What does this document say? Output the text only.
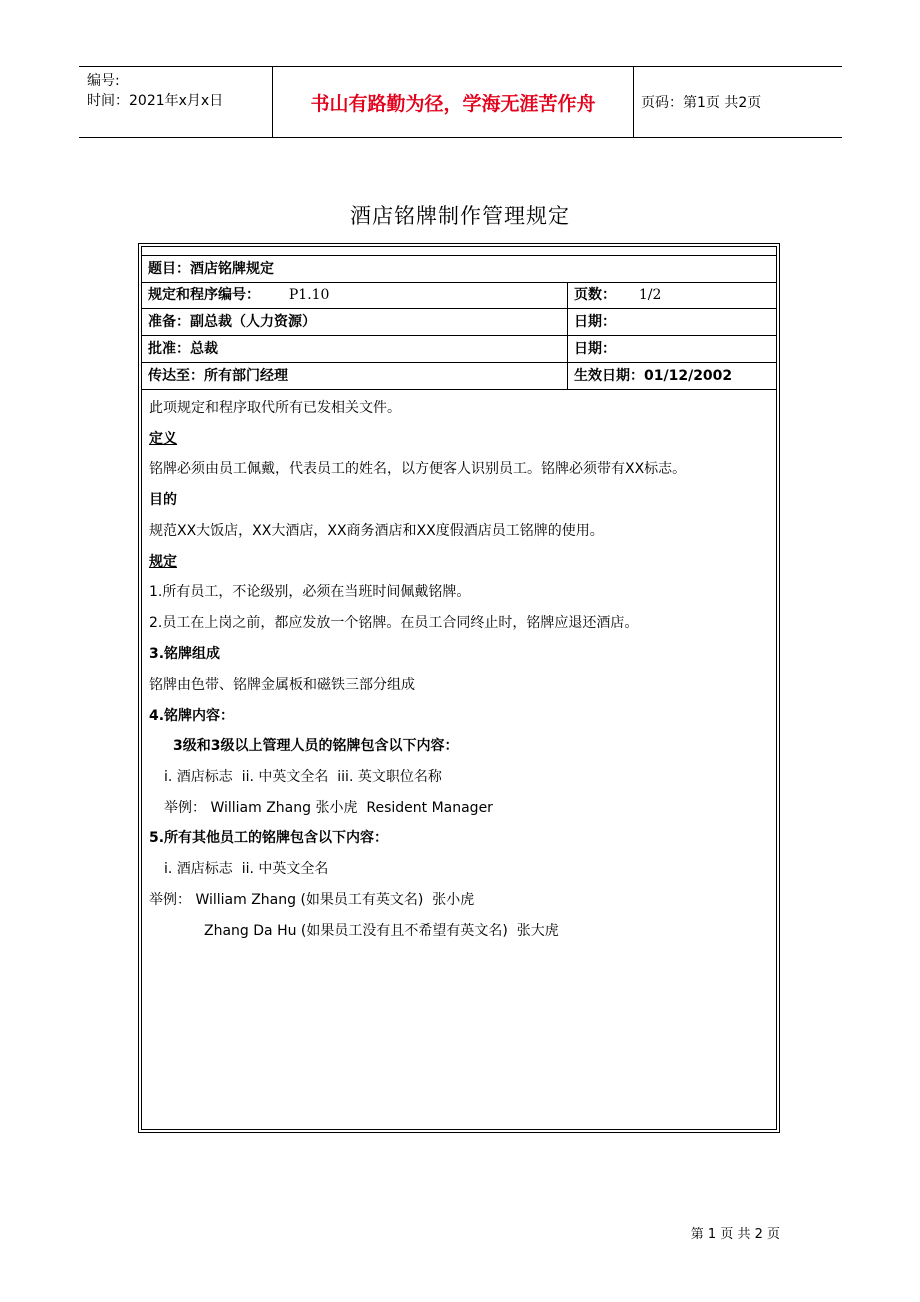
编号:
时间：2021年x月x日	书山有路勤为径，学海无涯苦作舟	页码：第1页 共2页
酒店铭牌制作管理规定
题目：酒店铭牌规定
规定和程序编号： P1.10	页数： 1/2
准备：副总裁（人力资源）	日期：
批准：总裁	日期：
传达至：所有部门经理	生效日期：01/12/2002
此项规定和程序取代所有已发相关文件。
定义
铭牌必须由员工佩戴，代表员工的姓名，以方便客人识别员工。铭牌必须带有XX标志。
目的
规范XX大饭店，XX大酒店，XX商务酒店和XX度假酒店员工铭牌的使用。
规定
1.所有员工，不论级别，必须在当班时间佩戴铭牌。
2.员工在上岗之前，都应发放一个铭牌。在员工合同终止时，铭牌应退还酒店。
3.铭牌组成
铭牌由色带、铭牌金属板和磁铁三部分组成
4.铭牌内容：
3级和3级以上管理人员的铭牌包含以下内容：
i. 酒店标志  ii. 中英文全名  iii. 英文职位名称
举例： William Zhang 张小虎  Resident Manager
5.所有其他员工的铭牌包含以下内容：
i. 酒店标志  ii. 中英文全名
举例： William Zhang (如果员工有英文名)  张小虎
Zhang Da Hu (如果员工没有且不希望有英文名)  张大虎
第 1 页 共 2 页
